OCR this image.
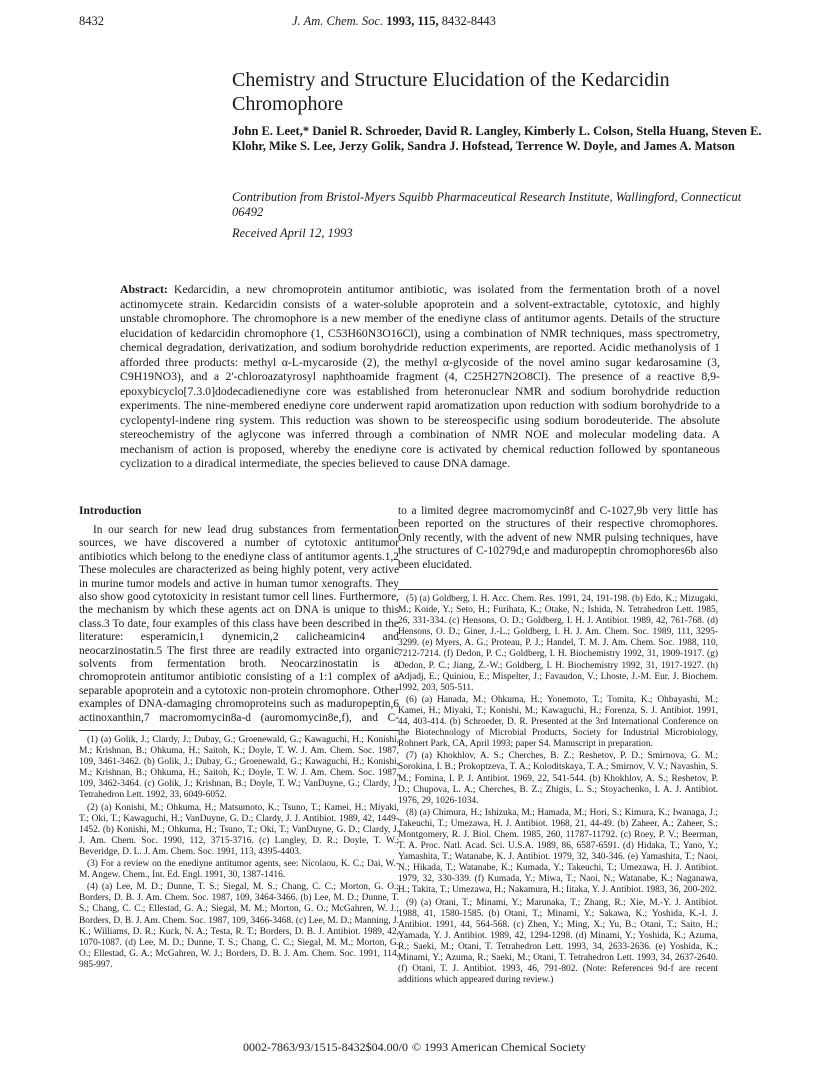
8432	J. Am. Chem. Soc. 1993, 115, 8432-8443
Chemistry and Structure Elucidation of the Kedarcidin Chromophore

John E. Leet,* Daniel R. Schroeder, David R. Langley, Kimberly L. Colson, Stella Huang, Steven E. Klohr, Mike S. Lee, Jerzy Golik, Sandra J. Hofstead, Terrence W. Doyle, and James A. Matson

Contribution from Bristol-Myers Squibb Pharmaceutical Research Institute, Wallingford, Connecticut 06492

Received April 12, 1993

Abstract: Kedarcidin, a new chromoprotein antitumor antibiotic, was isolated from the fermentation broth of a novel actinomycete strain. Kedarcidin consists of a water-soluble apoprotein and a solvent-extractable, cytotoxic, and highly unstable chromophore. The chromophore is a new member of the enediyne class of antitumor agents. Details of the structure elucidation of kedarcidin chromophore (1, C53H60N3O16Cl), using a combination of NMR techniques, mass spectrometry, chemical degradation, derivatization, and sodium borohydride reduction experiments, are reported. Acidic methanolysis of 1 afforded three products: methyl α-L-mycaroside (2), the methyl α-glycoside of the novel amino sugar kedarosamine (3, C9H19NO3), and a 2'-chloroazatyrosyl naphthoamide fragment (4, C25H27N2O8Cl). The presence of a reactive 8,9-epoxybicyclo[7.3.0]dodecadienediyne core was established from heteronuclear NMR and sodium borohydride reduction experiments. The nine-membered enediyne core underwent rapid aromatization upon reduction with sodium borohydride to a cyclopentyl-indene ring system. This reduction was shown to be stereospecific using sodium borodeuteride. The absolute stereochemistry of the aglycone was inferred through a combination of NMR NOE and molecular modeling data. A mechanism of action is proposed, whereby the enediyne core is activated by chemical reduction followed by spontaneous cyclization to a diradical intermediate, the species believed to cause DNA damage.

Introduction

In our search for new lead drug substances from fermentation sources, we have discovered a number of cytotoxic antitumor antibiotics which belong to the enediyne class of antitumor agents.1,2 These molecules are characterized as being highly potent, very active in murine tumor models and active in human tumor xenografts. They also show good cytotoxicity in resistant tumor cell lines. Furthermore, the mechanism by which these agents act on DNA is unique to this class.3 To date, four examples of this class have been described in the literature: esperamicin,1 dynemicin,2 calicheamicin4 and neocarzinostatin.5 The first three are readily extracted into organic solvents from fermentation broth. Neocarzinostatin is a chromoprotein antitumor antibiotic consisting of a 1:1 complex of a separable apoprotein and a cytotoxic non-protein chromophore. Other examples of DNA-damaging chromoproteins such as maduropeptin,6 actinoxanthin,7 macromomycin8a-d (auromomycin8e,f), and C-

(1) (a) Golik, J.; Clardy, J.; Dubay, G.; Groenewald, G.; Kawaguchi, H.; Konishi, M.; Krishnan, B.; Ohkuma, H.; Saitoh, K.; Doyle, T. W. J. Am. Chem. Soc. 1987, 109, 3461-3462. (b) Golik, J.; Dubay, G.; Groenewald, G.; Kawaguchi, H.; Konishi, M.; Krishnan, B.; Ohkuma, H.; Saitoh, K.; Doyle, T. W. J. Am. Chem. Soc. 1987, 109, 3462-3464. (c) Golik, J.; Krishnan, B.; Doyle, T. W.; VanDuyne, G.; Clardy, J. Tetrahedron Lett. 1992, 33, 6049-6052.

(2) (a) Konishi, M.; Ohkuma, H.; Matsumoto, K.; Tsuno, T.; Kamei, H.; Miyaki, T.; Oki, T.; Kawaguchi, H.; VanDuyne, G. D.; Clardy, J. J. Antibiot. 1989, 42, 1449-1452. (b) Konishi, M.; Ohkuma, H.; Tsuno, T.; Oki, T.; VanDuyne, G. D.; Clardy, J. J. Am. Chem. Soc. 1990, 112, 3715-3716. (c) Langley, D. R.; Doyle, T. W.; Beveridge, D. L. J. Am. Chem. Soc. 1991, 113, 4395-4403.

(3) For a review on the enediyne antitumor agents, see: Nicolaou, K. C.; Dai, W.-M. Angew. Chem., Int. Ed. Engl. 1991, 30, 1387-1416.

(4) (a) Lee, M. D.; Dunne, T. S.; Siegal, M. S.; Chang, C. C.; Morton, G. O.; Borders, D. B. J. Am. Chem. Soc. 1987, 109, 3464-3466. (b) Lee, M. D.; Dunne, T. S.; Chang, C. C.; Ellestad, G. A.; Siegal, M. M.; Morton, G. O.; McGahren, W. J.; Borders, D. B. J. Am. Chem. Soc. 1987, 109, 3466-3468. (c) Lee, M. D.; Manning, J. K.; Williams, D. R.; Kuck, N. A.; Testa, R. T.; Borders, D. B. J. Antibiot. 1989, 42, 1070-1087. (d) Lee, M. D.; Dunne, T. S.; Chang, C. C.; Siegal, M. M.; Morton, G. O.; Ellestad, G. A.; McGahren, W. J.; Borders, D. B. J. Am. Chem. Soc. 1991, 114, 985-997.

to a limited degree macromomycin8f and C-1027,9b very little has been reported on the structures of their respective chromophores. Only recently, with the advent of new NMR pulsing techniques, have the structures of C-10279d,e and maduropeptin chromophores6b also been elucidated.

(5) (a) Goldberg, I. H. Acc. Chem. Res. 1991, 24, 191-198. (b) Edo, K.; Mizugaki, M.; Koide, Y.; Seto, H.; Furihata, K.; Otake, N.; Ishida, N. Tetrahedron Lett. 1985, 26, 331-334. (c) Hensons, O. D.; Goldberg, I. H. J. Antibiot. 1989, 42, 761-768. (d) Hensons, O. D.; Giner, J.-L.; Goldberg, I. H. J. Am. Chem. Soc. 1989, 111, 3295-3299. (e) Myers, A. G.; Proteau, P. J.; Handel, T. M. J. Am. Chem. Soc. 1988, 110, 7212-7214. (f) Dedon, P. C.; Goldberg, I. H. Biochemistry 1992, 31, 1909-1917. (g) Dedon, P. C.; Jiang, Z.-W.; Goldberg, I. H. Biochemistry 1992, 31, 1917-1927. (h) Adjadj, E.; Quiniou, E.; Mispelter, J.; Favaudon, V.; Lhoste, J.-M. Eur. J. Biochem. 1992, 203, 505-511.

(6) (a) Hanada, M.; Ohkuma, H.; Yonemoto, T.; Tomita, K.; Ohbayashi, M.; Kamei, H.; Miyaki, T.; Konishi, M.; Kawaguchi, H.; Forenza, S. J. Antibiot. 1991, 44, 403-414. (b) Schroeder, D. R. Presented at the 3rd International Conference on the Biotechnology of Microbial Products, Society for Industrial Microbiology, Rohnert Park, CA, April 1993; paper S4. Manuscript in preparation.

(7) (a) Khokhlov, A. S.; Cherches, B. Z.; Reshetov, P. D.; Smirnova, G. M.; Sorokina, I. B.; Prokoptzeva, T. A.; Koloditskaya, T. A.; Smirnov, V. V.; Navashin, S. M.; Fomina, I. P. J. Antibiot. 1969, 22, 541-544. (b) Khokhlov, A. S.; Reshetov, P. D.; Chupova, L. A.; Cherches, B. Z.; Zhigis, L. S.; Stoyachenko, I. A. J. Antibiot. 1976, 29, 1026-1034.

(8) (a) Chimura, H.; Ishizuka, M.; Hamada, M.; Hori, S.; Kimura, K.; Iwanaga, J.; Takeuchi, T.; Umezawa, H. J. Antibiot. 1968, 21, 44-49. (b) Zaheer, A.; Zaheer, S.; Montgomery, R. J. Biol. Chem. 1985, 260, 11787-11792. (c) Roey, P. V.; Beerman, T. A. Proc. Natl. Acad. Sci. U.S.A. 1989, 86, 6587-6591. (d) Hidaka, T.; Yano, Y.; Yamashita, T.; Watanabe, K. J. Antibiot. 1979, 32, 340-346. (e) Yamashita, T.; Naoi, N.; Hikada, T.; Watanabe, K.; Kumada, Y.; Takeuchi, T.; Umezawa, H. J. Antibiot. 1979, 32, 330-339. (f) Kumada, Y.; Miwa, T.; Naoi, N.; Watanabe, K.; Naganawa, H.; Takita, T.; Umezawa, H.; Nakamura, H.; Iitaka, Y. J. Antibiot. 1983, 36, 200-202.

(9) (a) Otani, T.; Minami, Y.; Marunaka, T.; Zhang, R.; Xie, M.-Y. J. Antibiot. 1988, 41, 1580-1585. (b) Otani, T.; Minami, Y.; Sakawa, K.; Yoshida, K.-I. J. Antibiot. 1991, 44, 564-568. (c) Zhen, Y.; Ming, X.; Yu, B.; Otani, T.; Saito, H.; Yamada, Y. J. Antibiot. 1989, 42, 1294-1298. (d) Minami, Y.; Yoshida, K.; Azuma, R.; Saeki, M.; Otani, T. Tetrahedron Lett. 1993, 34, 2633-2636. (e) Yoshida, K.; Minami, Y.; Azuma, R.; Saeki, M.; Otani, T. Tetrahedron Lett. 1993, 34, 2637-2640. (f) Otani, T. J. Antibiot. 1993, 46, 791-802. (Note: References 9d-f are recent additions which appeared during review.)

0002-7863/93/1515-8432$04.00/0 © 1993 American Chemical Society
